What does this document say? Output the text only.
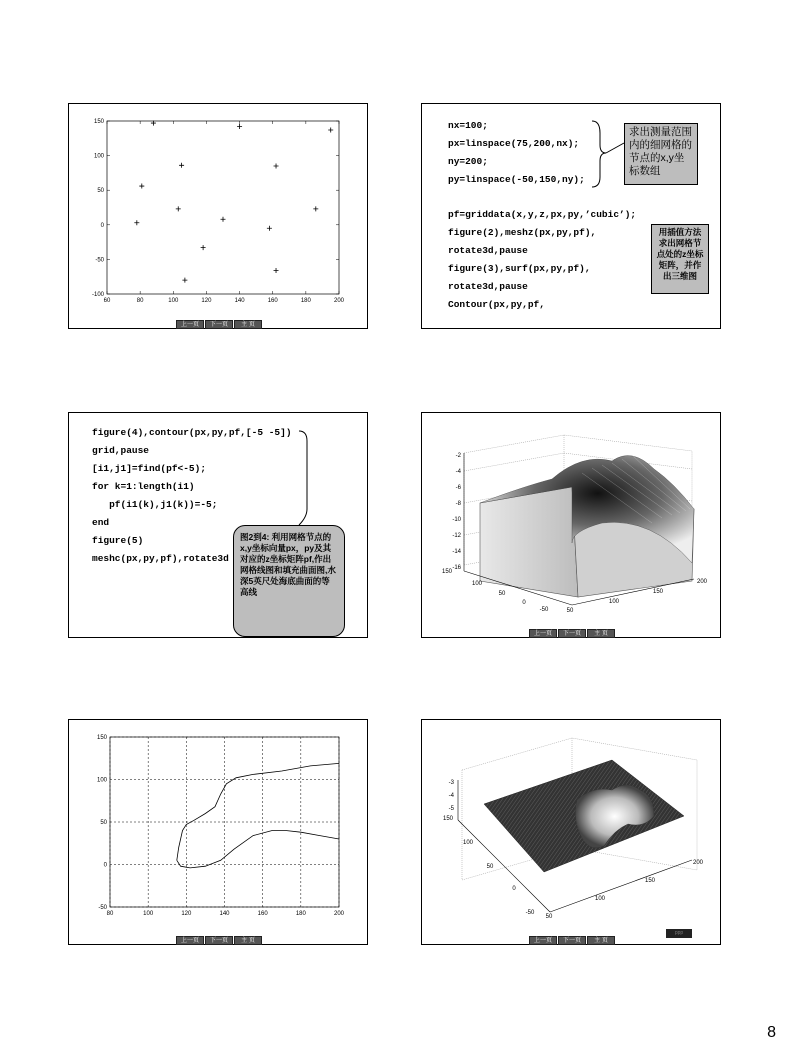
60	80	100	120	140	160	180	200
150
100
50
0
-50
-100
上一页	下一页	主 页
nx=100;
px=linspace(75,200,nx);
ny=200;
py=linspace(-50,150,ny);
求出测量范围内的细网格的节点的x,y坐标数组
pf=griddata(x,y,z,px,py,’cubic’);
figure(2),meshz(px,py,pf),
rotate3d,pause
figure(3),surf(px,py,pf),
rotate3d,pause
Contour(px,py,pf,
用插值方法求出网格节点处的z坐标矩阵，并作出三维图
figure(4),contour(px,py,pf,[-5 -5])
grid,pause
[i1,j1]=find(pf<-5);
for k=1:length(i1)
pf(i1(k),j1(k))=-5;
end
figure(5)
meshc(px,py,pf),rotate3d
图2到4: 利用网格节点的x,y坐标向量px，py及其对应的z坐标矩阵pf,作出网格线图和填充曲面图,水深5英尺处海底曲面的等高线
-2
-4
-6
-8
-10
-12
-14
-16
150
100
50
0
-50	50
100
150
200
上一页	下一页	主 页
80	100	120	140	160	180	200
150
100
50
0
-50
上一页	下一页	主 页
-3
-4
-5
150
100
50
0
-50
50
100
150
200
ppp
上一页	下一页	主 页
8
